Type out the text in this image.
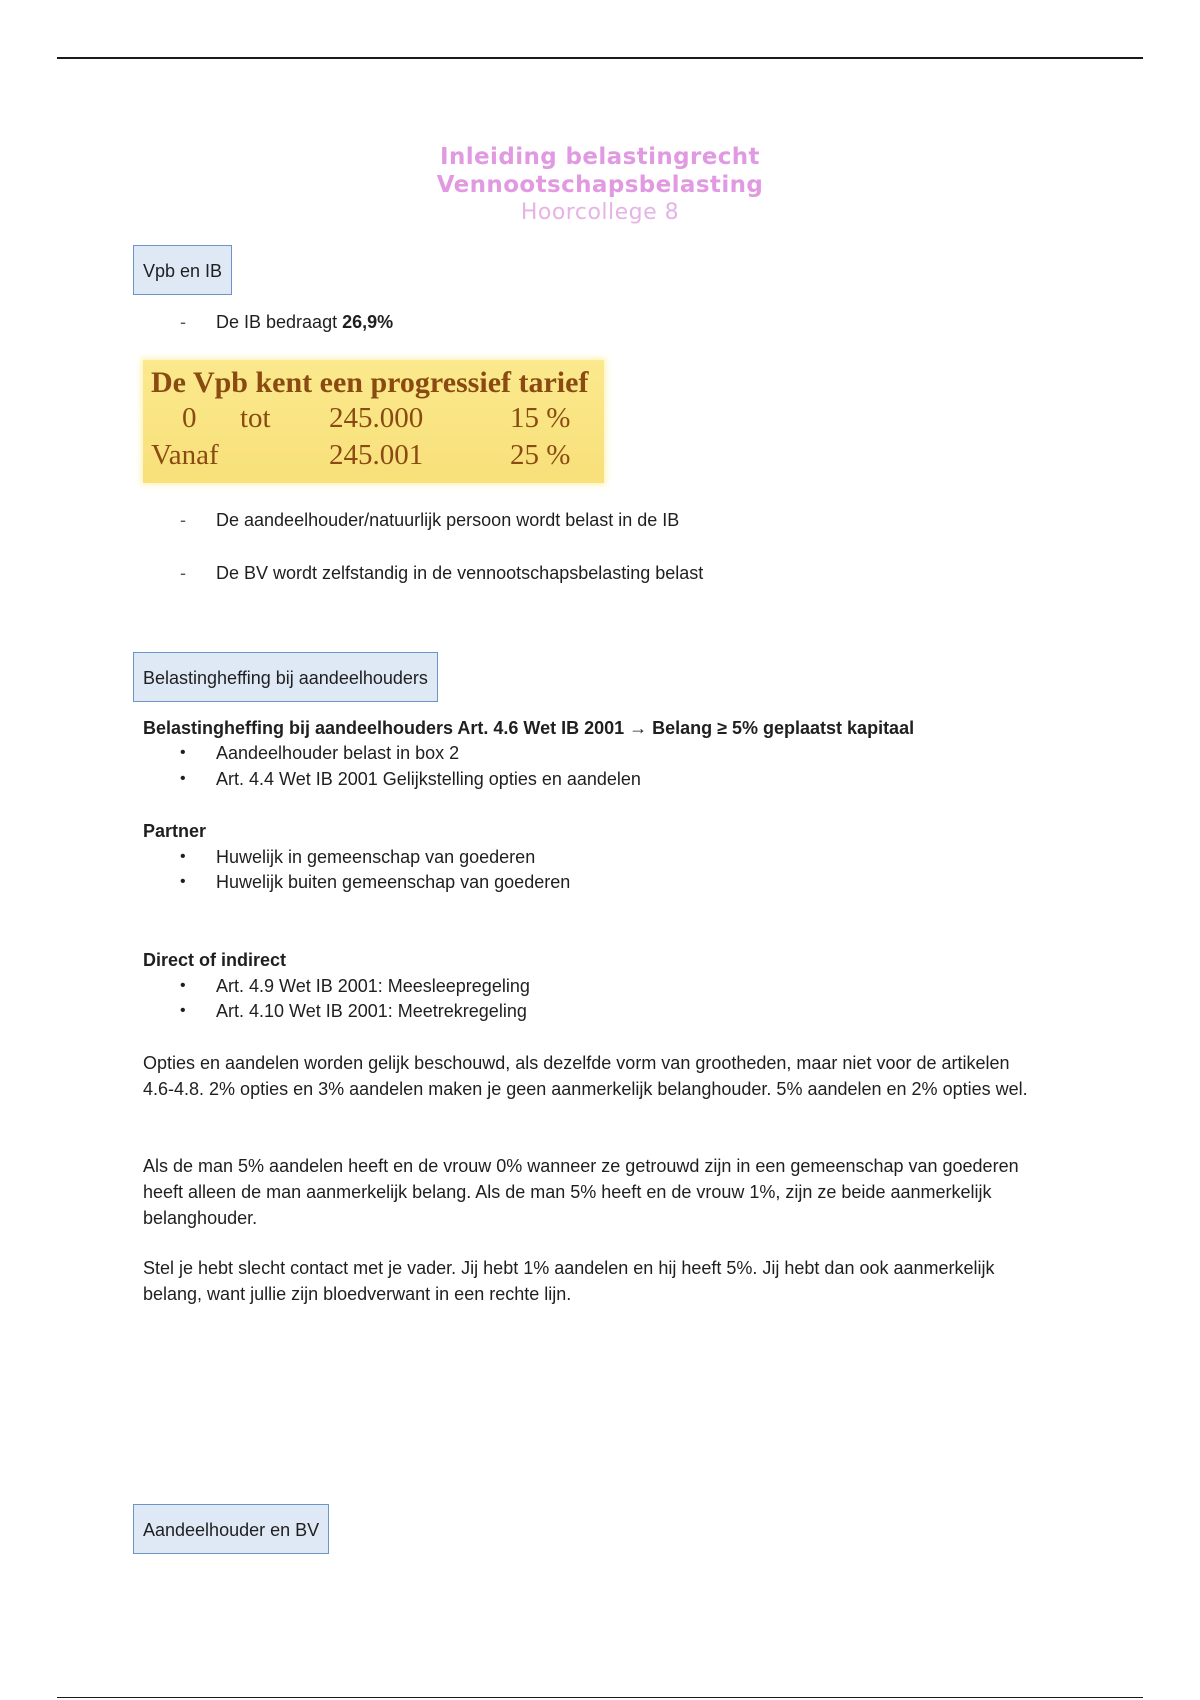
Inleiding belastingrecht
Vennootschapsbelasting
Hoorcollege 8
Vpb en IB
- De IB bedraagt 26,9%
De Vpb kent een progressief tarief
0 tot 245.000	15 %
Vanaf	245.001	25 %
- De aandeelhouder/natuurlijk persoon wordt belast in de IB
- De BV wordt zelfstandig in de vennootschapsbelasting belast
Belastingheffing bij aandeelhouders
Belastingheffing bij aandeelhouders Art. 4.6 Wet IB 2001 → Belang ≥ 5% geplaatst kapitaal
• Aandeelhouder belast in box 2
• Art. 4.4 Wet IB 2001 Gelijkstelling opties en aandelen
Partner
• Huwelijk in gemeenschap van goederen
• Huwelijk buiten gemeenschap van goederen
Direct of indirect
• Art. 4.9 Wet IB 2001: Meesleepregeling
• Art. 4.10 Wet IB 2001: Meetrekregeling
Opties en aandelen worden gelijk beschouwd, als dezelfde vorm van grootheden, maar niet voor de artikelen 4.6-4.8. 2% opties en 3% aandelen maken je geen aanmerkelijk belanghouder. 5% aandelen en 2% opties wel.
Als de man 5% aandelen heeft en de vrouw 0% wanneer ze getrouwd zijn in een gemeenschap van goederen heeft alleen de man aanmerkelijk belang. Als de man 5% heeft en de vrouw 1%, zijn ze beide aanmerkelijk belanghouder.
Stel je hebt slecht contact met je vader. Jij hebt 1% aandelen en hij heeft 5%. Jij hebt dan ook aanmerkelijk belang, want jullie zijn bloedverwant in een rechte lijn.
Aandeelhouder en BV
